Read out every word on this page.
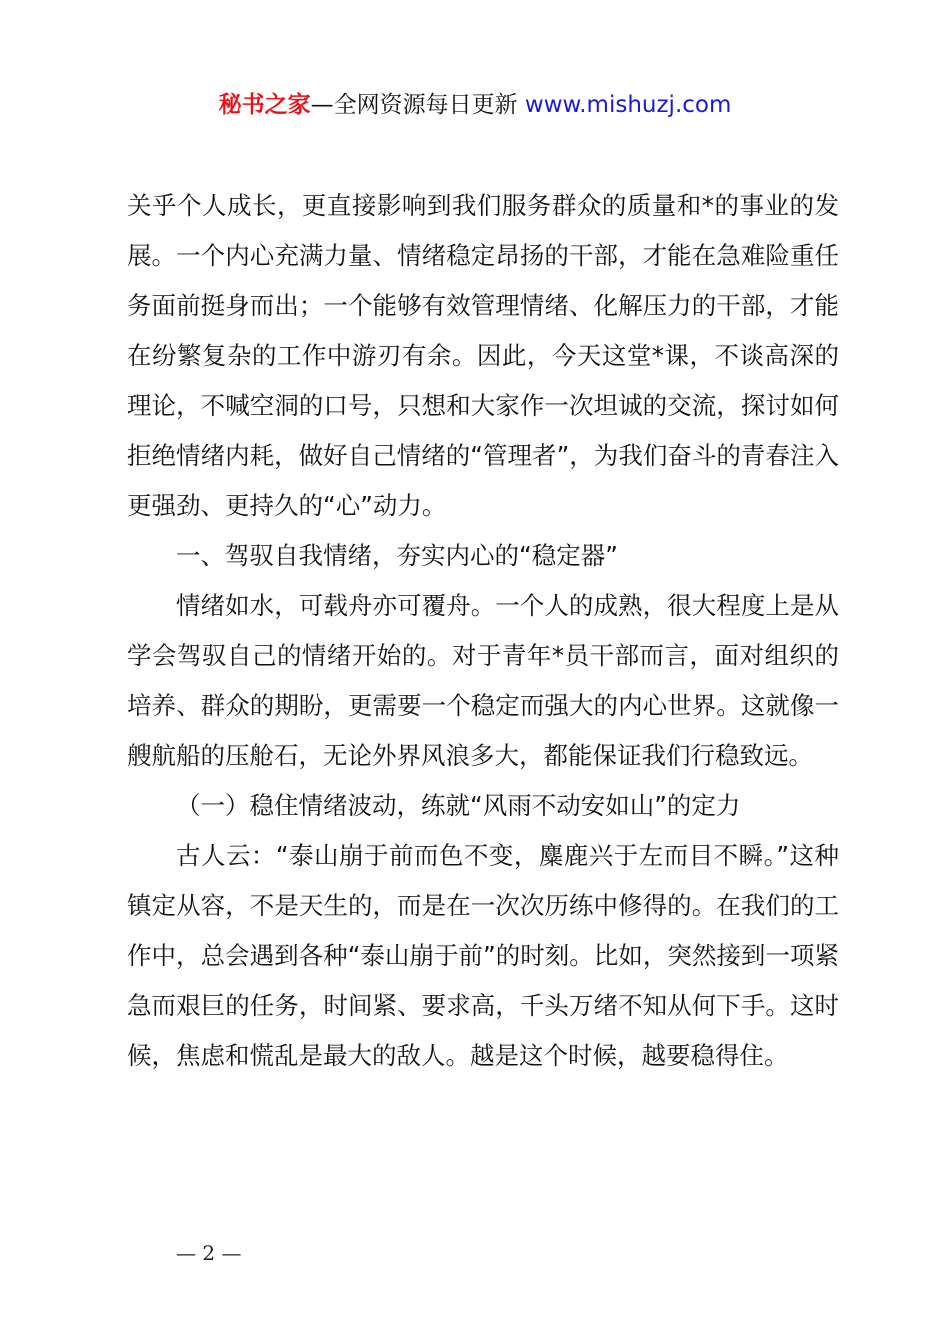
秘书之家—全网资源每日更新 www.mishuzj.com

关乎个人成长，更直接影响到我们服务群众的质量和*的事业的发展。一个内心充满力量、情绪稳定昂扬的干部，才能在急难险重任务面前挺身而出；一个能够有效管理情绪、化解压力的干部，才能在纷繁复杂的工作中游刃有余。因此，今天这堂*课，不谈高深的理论，不喊空洞的口号，只想和大家作一次坦诚的交流，探讨如何拒绝情绪内耗，做好自己情绪的“管理者”，为我们奋斗的青春注入更强劲、更持久的“心”动力。

一、驾驭自我情绪，夯实内心的“稳定器”

情绪如水，可载舟亦可覆舟。一个人的成熟，很大程度上是从学会驾驭自己的情绪开始的。对于青年*员干部而言，面对组织的培养、群众的期盼，更需要一个稳定而强大的内心世界。这就像一艘航船的压舱石，无论外界风浪多大，都能保证我们行稳致远。

（一）稳住情绪波动，练就“风雨不动安如山”的定力

古人云：“泰山崩于前而色不变，麋鹿兴于左而目不瞬。”这种镇定从容，不是天生的，而是在一次次历练中修得的。在我们的工作中，总会遇到各种“泰山崩于前”的时刻。比如，突然接到一项紧急而艰巨的任务，时间紧、要求高，千头万绪不知从何下手。这时候，焦虑和慌乱是最大的敌人。越是这个时候，越要稳得住。

— 2 —
